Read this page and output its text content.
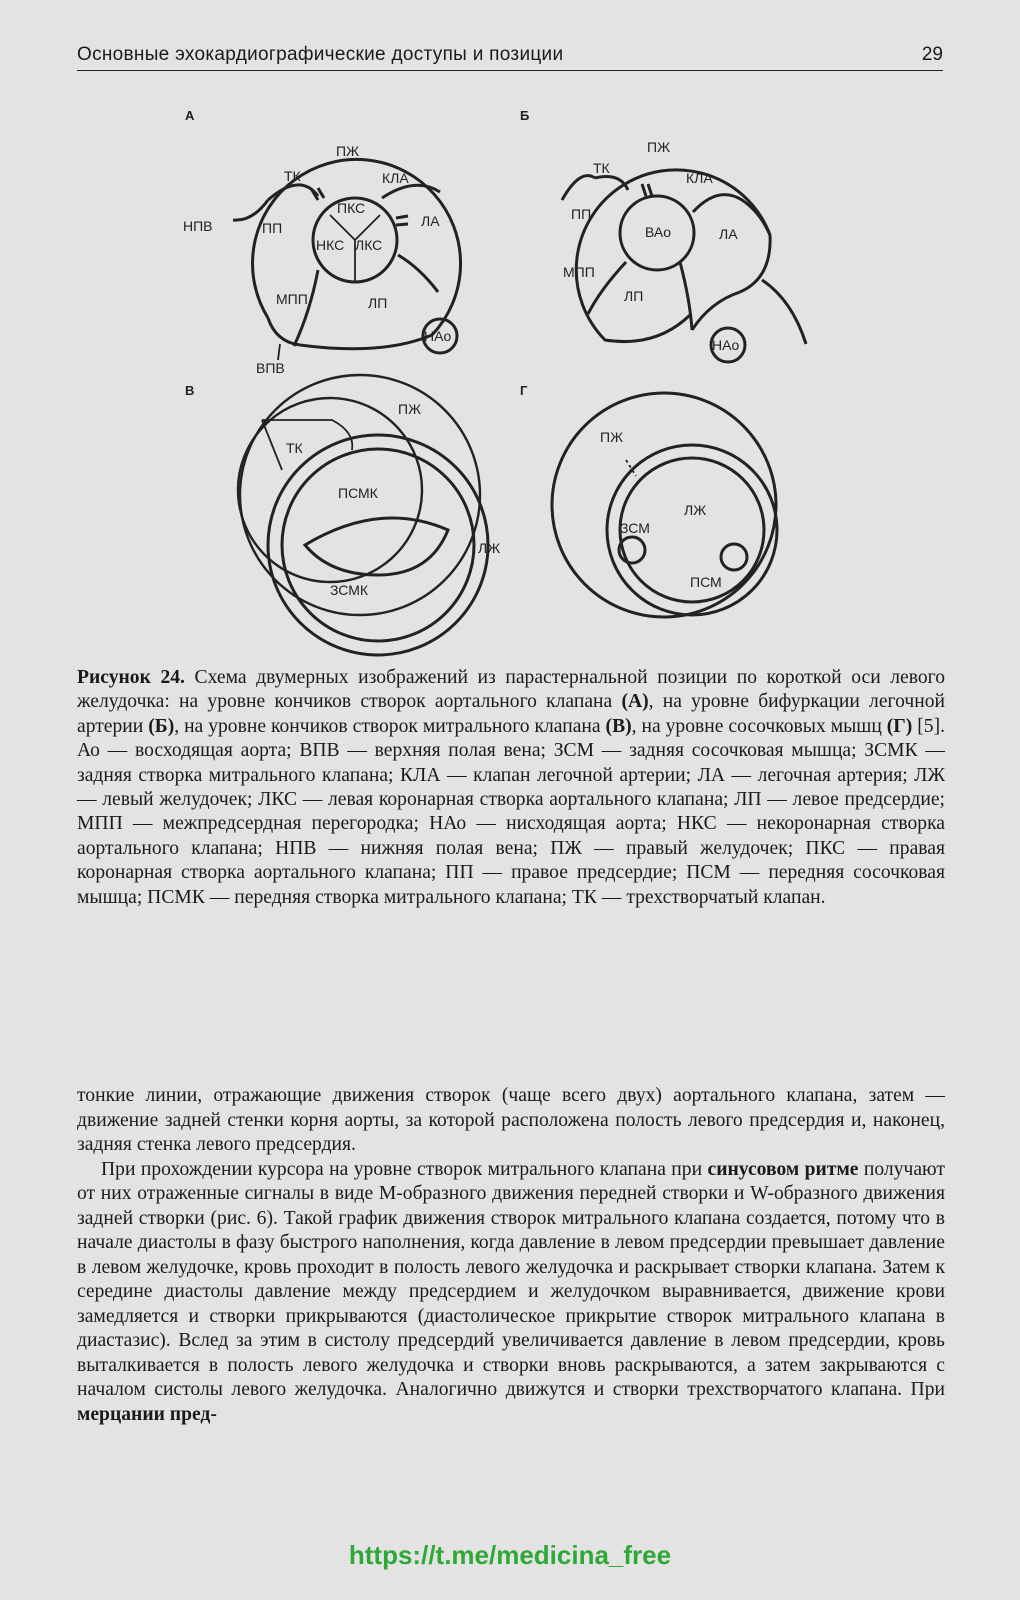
Основные эхокардиографические доступы и позиции	29
А
ПЖ
ТК	КЛА
ПКС
НПВ	ПП	ЛА
НКС ЛКС
МПП	ЛП
НАо
ВПВ
Б
ПЖ
ТК
КЛА
ПП
ВАо	ЛА
МПП
ЛП
НАо
В
ПЖ
ТК
ПСМК
ЛЖ
ЗСМК
Г
ПЖ
ЛЖ
ЗСМ
ПСМ
Рисунок 24. Схема двумерных изображений из парастернальной позиции по короткой оси левого желудочка: на уровне кончиков створок аортального клапана (А), на уровне бифуркации легочной артерии (Б), на уровне кончиков створок митрального клапана (В), на уровне сосочковых мышц (Г) [5]. Ао — восходящая аорта; ВПВ — верхняя полая вена; ЗСМ — задняя сосочковая мышца; ЗСМК — задняя створка митрального клапана; КЛА — клапан легочной артерии; ЛА — легочная артерия; ЛЖ — левый желудочек; ЛКС — левая коронарная створка аортального клапана; ЛП — левое предсердие; МПП — межпредсердная перегородка; НАо — нисходящая аорта; НКС — некоронарная створка аортального клапана; НПВ — нижняя полая вена; ПЖ — правый желудочек; ПКС — правая коронарная створка аортального клапана; ПП — правое предсердие; ПСМ — передняя сосочковая мышца; ПСМК — передняя створка митрального клапана; ТК — трехстворчатый клапан.

тонкие линии, отражающие движения створок (чаще всего двух) аортального клапана, затем — движение задней стенки корня аорты, за которой расположена полость левого предсердия и, наконец, задняя стенка левого предсердия.

При прохождении курсора на уровне створок митрального клапана при синусовом ритме получают от них отраженные сигналы в виде М-образного движения передней створки и W-образного движения задней створки (рис. 6). Такой график движения створок митрального клапана создается, потому что в начале диастолы в фазу быстрого наполнения, когда давление в левом предсердии превышает давление в левом желудочке, кровь проходит в полость левого желудочка и раскрывает створки клапана. Затем к середине диастолы давление между предсердием и желудочком выравнивается, движение крови замедляется и створки прикрываются (диастолическое прикрытие створок митрального клапана в диастазис). Вслед за этим в систолу предсердий увеличивается давление в левом предсердии, кровь выталкивается в полость левого желудочка и створки вновь раскрываются, а затем закрываются с началом систолы левого желудочка. Аналогично движутся и створки трехстворчатого клапана. При мерцании пред-

https://t.me/medicina_free
